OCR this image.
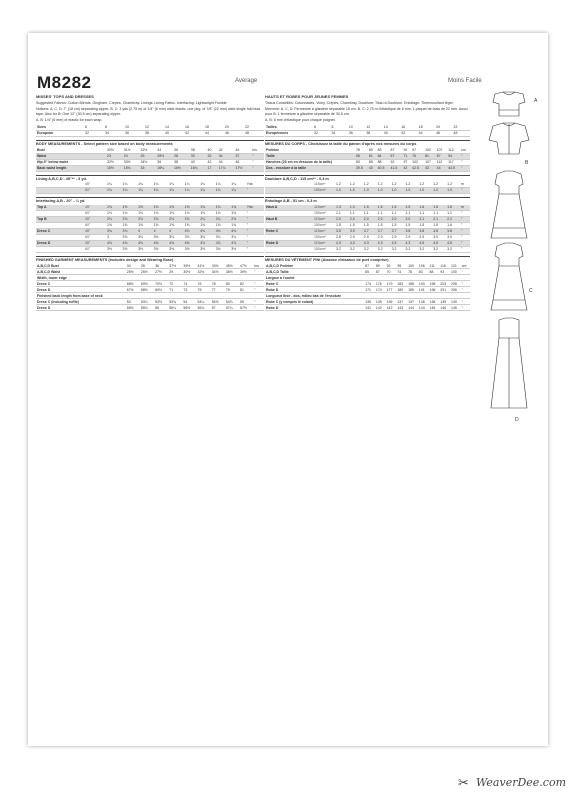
M8282	Average	Moins Facile
MISSES' TOPS AND DRESSES
Suggested Fabrics: Cotton Blends, Gingham, Crepes, Chambray. Linings: Lining Fabric. Interfacing: Lightweight Fusible.
Notions: A, C, D: 7" (18 cm) separating zipper. B, C: 3 yds (2.75 m) of 1/4" (6 mm) wide elastic, one pkg. of 7/8" (22 mm) wide single fold bias tape. Also for B: One 12" (30.5 cm) separating zipper.
A, B: 1/4" (6 mm) of elastic for each wrap.
Sizes	6	8	10	12	14	16	18	20	22
European	32	34	36	38	40	42	44	46	48
BODY MEASUREMENTS - Select pattern size based on body measurements
Bust		30½	31½	32½	34	36	38	40	42	44	Ins
Waist		23	24	25	26½	28	30	32	34	37	"
Hip-9" below waist		32½	33½	34½	36	38	40	42	44	46	"
Back waist length		15½	15¾	16	16¼	16½	16¾	17	17¼	17½	"
Lining A,B,C,D - 45"** - 3 yd.
	45"	1¼	1¼	1¼	1¼	1¼	1¼	1¼	1¼	1¼	Yds
	60"	1¼	1¼	1¼	1¼	1¼	1¼	1¼	1¼	1¼	"
Interfacing A,B - 20" - ¼ yd.
Top A	45"	1⅜	1⅜	1⅝	1⅝	1⅝	1⅝	1¾	1¾	1¾	Yds
	60"	1⅛	1⅛	1⅛	1⅛	1⅛	1⅛	1⅛	1⅛	1⅛	"
Top B	45"	2⅛	2⅛	2⅛	2⅛	2⅛	2⅛	2¼	2¼	2⅜	"
	60"	1⅝	1⅝	1⅝	1⅝	1⅝	1⅝	1⅝	1⅝	1¾	"
Dress C	45"	3¾	3¾	4	4	4	4⅛	4⅛	4⅛	4⅛	"
	60"	3	3⅛	3⅛	3⅛	3⅛	3⅛	3⅛	3¼	3¼	"
Dress D	45"	4⅝	4⅝	4⅝	4⅝	4⅝	4⅝	4⅞	4⅞	4⅞	"
	60"	3½	3½	3½	3½	3½	3½	3½	3½	3½	"
FINISHED GARMENT MEASUREMENTS (Includes design and Wearing Ease)
A,B,C,D Bust		34	35	36	37½	39½	41½	43½	45½	47½	Ins
A,B,C,D Waist		25½	26½	27½	29	30½	32½	34½	36½	39½	"
Width, lower edge											
Dress C		68½	69½	70½	72	74	76	78	80	82	"
Dress D		67½	68½	69½	71	73	75	77	79	81	"
Finished back length from base of neck											
Dress C (including ruffle)		53	53¼	53½	53¾	54	54¼	54½	54¾	55	"
Dress D		55½	55¾	56	56¼	56½	56¾	57	57¼	57½	"
HAUTS ET ROBES POUR JEUNES FEMMES
Tissus Conseillés: Cotonnades, Vichy, Crêpes, Chambray. Doublure: Tissu à Doublure. Entoilage: Thermocollant léger.
Mercerie: A, C, D: Fermeture à glissière séparable 18 cm. B, C: 2,75 m d'élastique de 6 mm, 1 paquet de biais de 22 mm. Aussi pour B: 1 fermeture à glissière séparable de 30,5 cm.
A, B: 6 mm d'élastique pour chaque poignet.
Tailles	6	8	10	12	14	16	18	20	22
Européennes	32	34	36	38	40	42	44	46	48
MESURES DU CORPS - Choisissez la taille du patron d'après vos mesures du corps
Poitrine		78	80	83	87	92	97	102	107	112	cm
Taille		58	61	64	67	71	76	81	87	94	"
Hanches (23 cm en dessous de la taille)		83	85	88	92	97	102	107	112	117	"
Dos - encolure à la taille		39.5	40	40.5	41.5	42	42.5	43	44	44.5	"
Doublure A,B,C,D - 115 cm** - 0,3 m
	115cm*	1.2	1.2	1.2	1.2	1.2	1.2	1.2	1.2	1.2	m
	150cm*	1.0	1.0	1.0	1.0	1.0	1.0	1.0	1.0	1.0	"
Entoilage A,B - 51 cm - 0,3 m
Haut A	115cm*	1.3	1.3	1.5	1.5	1.5	1.5	1.6	1.6	1.6	m
	150cm*	1.1	1.1	1.1	1.1	1.1	1.1	1.1	1.1	1.1	"
Haut B	115cm*	2.0	2.0	2.0	2.0	2.0	2.0	2.1	2.1	2.2	"
	150cm*	1.5	1.5	1.5	1.5	1.5	1.5	1.5	1.5	1.6	"
Robe C	115cm*	3.5	3.5	3.7	3.7	3.7	3.8	3.8	3.8	3.8	"
	150cm*	2.8	2.9	2.9	2.9	2.9	2.9	2.9	3.0	3.0	"
Robe D	115cm*	4.3	4.3	4.3	4.3	4.3	4.3	4.5	4.5	4.5	"
	150cm*	3.2	3.2	3.2	3.2	3.2	3.2	3.2	3.2	3.2	"
MESURES DU VÊTEMENT FINI (Aisance d'aisance de port comprise)
A,B,C,D Poitrine		87	89	92	95	100	106	111	116	121	cm
A,B,C,D Taille		65	67	70	74	78	83	88	93	100	"
Largeur à l'ourlet											
Robe C		174	176	179	183	188	193	198	203	208	"
Robe D		171	174	177	180	185	191	196	201	206	"
Longueur finie - dos, milieu bas de l'encolure											
Robe C (y compris le volant)		135	135	136	137	137	138	138	139	140	"
Robe D		141	142	142	143	144	144	145	146	146	"
A
B
C
D
✂ WeaverDee.com
